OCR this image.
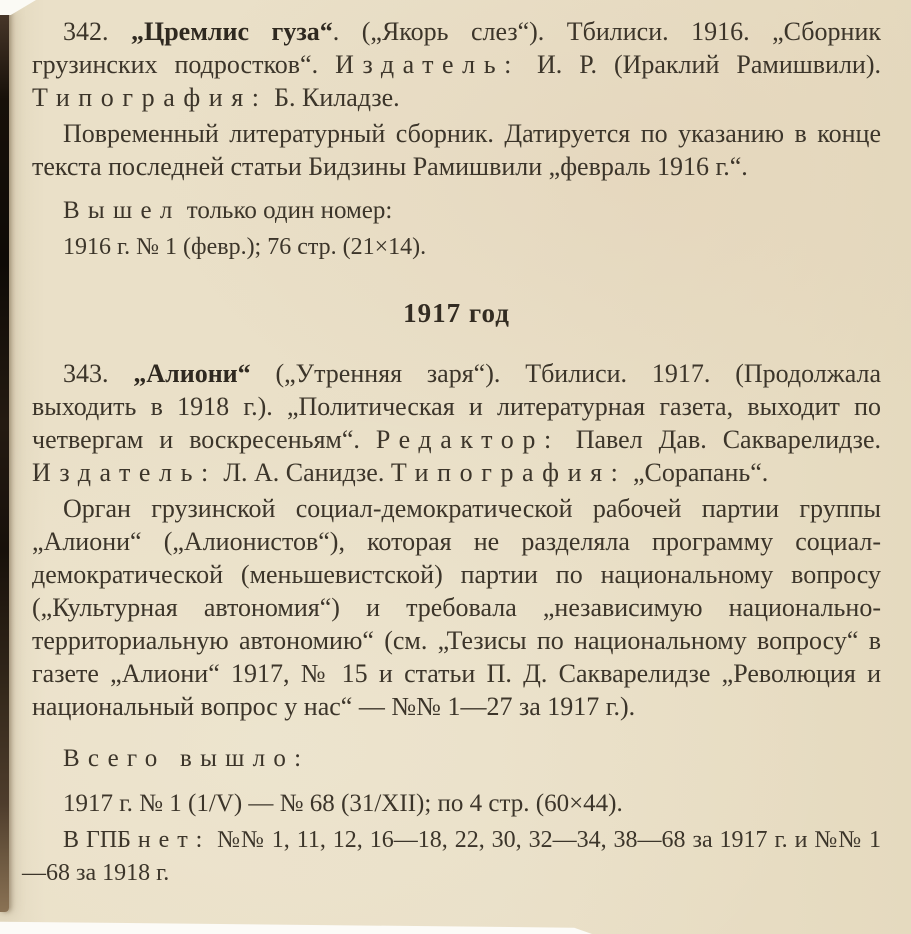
342. „Цремлис гуза“. („Якорь слез“). Тбилиси. 1916. „Сборник грузинских подростков“. Издатель: И. Р. (Ираклий Рамишвили). Типография: Б. Киладзе.

Повременный литературный сборник. Датируется по указанию в конце текста последней статьи Бидзины Рамишвили „февраль 1916 г.“.

Вышел только один номер:

1916 г. № 1 (февр.); 76 стр. (21×14).

1917 год

343. „Алиони“ („Утренняя заря“). Тбилиси. 1917. (Продолжала выходить в 1918 г.). „Политическая и литературная газета, выходит по четвергам и воскресеньям“. Редактор: Павел Дав. Сакварелидзе. Издатель: Л. А. Санидзе. Типография: „Сорапань“.

Орган грузинской социал-демократической рабочей партии группы „Алиони“ („Алионистов“), которая не разделяла программу социал-демократической (меньшевистской) партии по национальному вопросу („Культурная автономия“) и требовала „независимую национально-территориальную автономию“ (см. „Тезисы по национальному вопросу“ в газете „Алиони“ 1917, № 15 и статьи П. Д. Сакварелидзе „Революция и национальный вопрос у нас“ — №№ 1—27 за 1917 г.).

Всего вышло:

1917 г. № 1 (1/V) — № 68 (31/XII); по 4 стр. (60×44).

В ГПБ нет: №№ 1, 11, 12, 16—18, 22, 30, 32—34, 38—68 за 1917 г. и №№ 1—68 за 1918 г.
